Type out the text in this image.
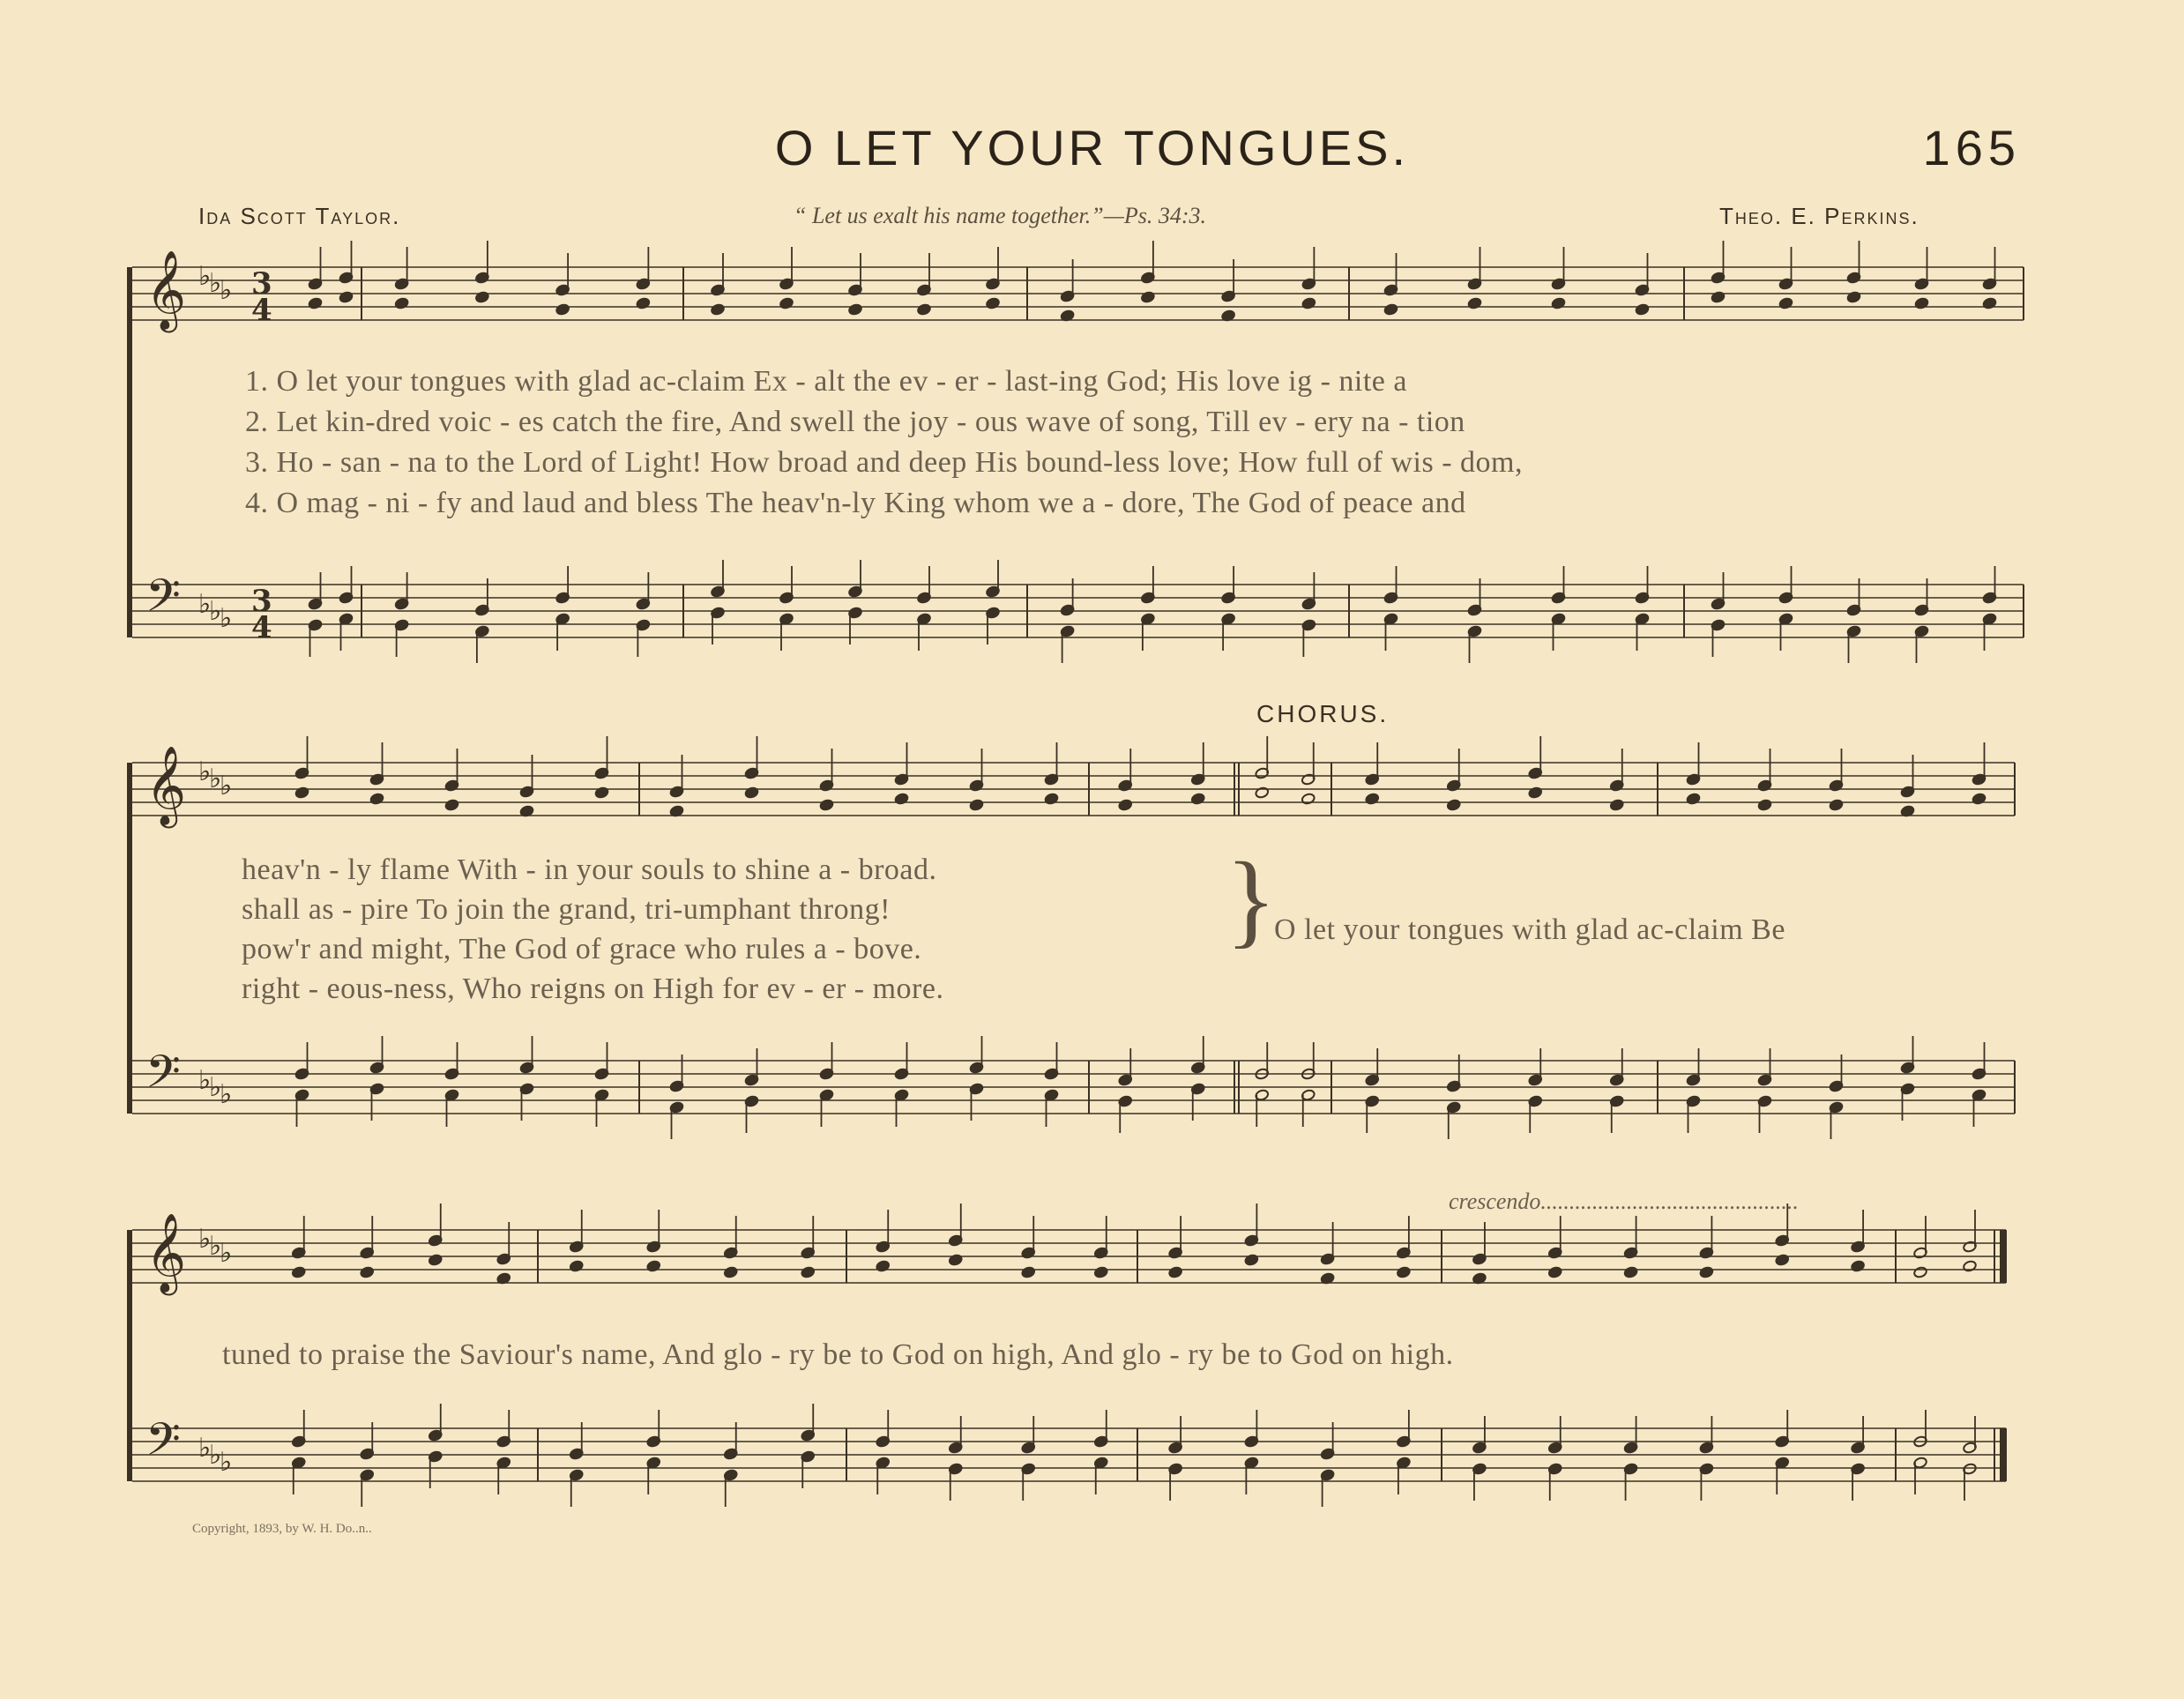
O LET YOUR TONGUES.	165
Ida Scott Taylor.	“ Let us exalt his name together.”—Ps. 34:3.	Theo. E. Perkins.
𝄞
𝄢
♭
♭
♭
♭
♭
♭
3
4
3
4
𝄞
𝄢
♭
♭
♭
♭
♭
♭
𝄞
𝄢
♭
♭
♭
♭
♭
♭
1. O let your tongues with glad ac-claim Ex - alt the ev - er - last-ing God; His love ig - nite a
2. Let kin-dred voic - es catch the fire, And swell the joy - ous wave of song, Till ev - ery na - tion
3. Ho - san - na to the Lord of Light! How broad and deep His bound-less love; How full of wis - dom,
4. O mag - ni - fy and laud and bless The heav'n-ly King whom we a - dore, The God of peace and
CHORUS.
heav'n - ly flame With - in your souls to shine a - broad.
shall as - pire To join the grand, tri-umphant throng!
pow'r and might, The God of grace who rules a - bove.
right - eous-ness, Who reigns on High for ev - er - more.
}
O let your tongues with glad ac-claim Be
crescendo.............................................
tuned to praise the Saviour's name, And glo - ry be to God on high, And glo - ry be to God on high.
Copyright, 1893, by W. H. Do..n..
